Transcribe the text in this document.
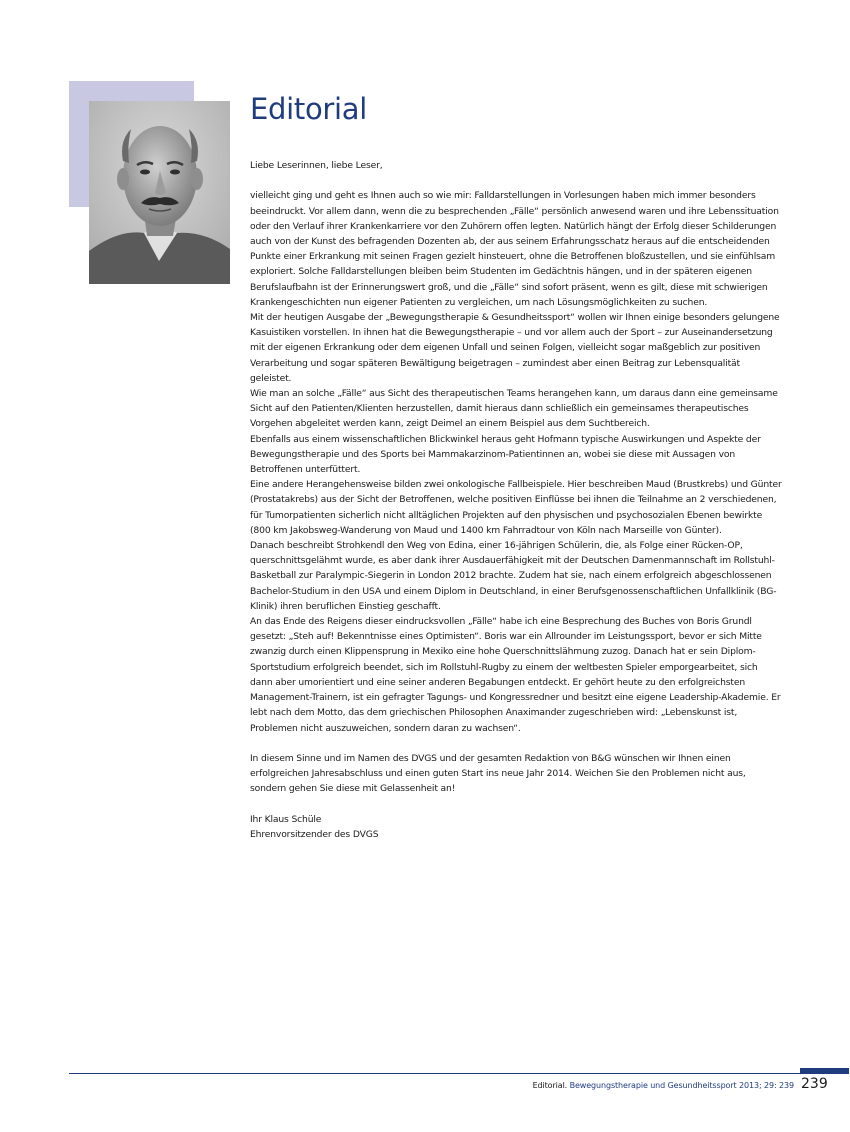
Editorial

Liebe Leserinnen, liebe Leser,

vielleicht ging und geht es Ihnen auch so wie mir: Falldarstellungen in Vorlesungen haben mich immer besonders beeindruckt. Vor allem dann, wenn die zu besprechenden „Fälle“ persönlich anwesend waren und ihre Lebenssituation oder den Verlauf ihrer Krankenkarriere vor den Zuhörern offen legten. Natürlich hängt der Erfolg dieser Schilderungen auch von der Kunst des befragenden Dozenten ab, der aus seinem Erfahrungsschatz heraus auf die entscheidenden Punkte einer Erkrankung mit seinen Fragen gezielt hinsteuert, ohne die Betroffenen bloßzustellen, und sie einfühlsam exploriert. Solche Falldarstellungen bleiben beim Studenten im Gedächtnis hängen, und in der späteren eigenen Berufslaufbahn ist der Erinnerungswert groß, und die „Fälle“ sind sofort präsent, wenn es gilt, diese mit schwierigen Krankengeschichten nun eigener Patienten zu vergleichen, um nach Lösungsmöglichkeiten zu suchen.

Mit der heutigen Ausgabe der „Bewegungstherapie & Gesundheitssport“ wollen wir Ihnen einige besonders gelungene Kasuistiken vorstellen. In ihnen hat die Bewegungstherapie – und vor allem auch der Sport – zur Auseinandersetzung mit der eigenen Erkrankung oder dem eigenen Unfall und seinen Folgen, vielleicht sogar maßgeblich zur positiven Verarbeitung und sogar späteren Bewältigung beigetragen – zumindest aber einen Beitrag zur Lebensqualität geleistet.

Wie man an solche „Fälle“ aus Sicht des therapeutischen Teams herangehen kann, um daraus dann eine gemeinsame Sicht auf den Patienten/Klienten herzustellen, damit hieraus dann schließlich ein gemeinsames therapeutisches Vorgehen abgeleitet werden kann, zeigt Deimel an einem Beispiel aus dem Suchtbereich.

Ebenfalls aus einem wissenschaftlichen Blickwinkel heraus geht Hofmann typische Auswirkungen und Aspekte der Bewegungstherapie und des Sports bei Mammakarzinom-Patientinnen an, wobei sie diese mit Aussagen von Betroffenen unterfüttert.

Eine andere Herangehensweise bilden zwei onkologische Fallbeispiele. Hier beschreiben Maud (Brustkrebs) und Günter (Prostatakrebs) aus der Sicht der Betroffenen, welche positiven Einflüsse bei ihnen die Teilnahme an 2 verschiedenen, für Tumorpatienten sicherlich nicht alltäglichen Projekten auf den physischen und psychosozialen Ebenen bewirkte (800 km Jakobsweg-Wanderung von Maud und 1400 km Fahrradtour von Köln nach Marseille von Günter).

Danach beschreibt Strohkendl den Weg von Edina, einer 16-jährigen Schülerin, die, als Folge einer Rücken-OP, querschnittsgelähmt wurde, es aber dank ihrer Ausdauerfähigkeit mit der Deutschen Damenmannschaft im Rollstuhl-Basketball zur Paralympic-Siegerin in London 2012 brachte. Zudem hat sie, nach einem erfolgreich abgeschlossenen Bachelor-Studium in den USA und einem Diplom in Deutschland, in einer Berufsgenossenschaftlichen Unfallklinik (BG-Klinik) ihren beruflichen Einstieg geschafft.

An das Ende des Reigens dieser eindrucksvollen „Fälle“ habe ich eine Besprechung des Buches von Boris Grundl gesetzt: „Steh auf! Bekenntnisse eines Optimisten“. Boris war ein Allrounder im Leistungssport, bevor er sich Mitte zwanzig durch einen Klippensprung in Mexiko eine hohe Querschnittslähmung zuzog. Danach hat er sein Diplom-Sportstudium erfolgreich beendet, sich im Rollstuhl-Rugby zu einem der weltbesten Spieler emporgearbeitet, sich dann aber umorientiert und eine seiner anderen Begabungen entdeckt. Er gehört heute zu den erfolgreichsten Management-Trainern, ist ein gefragter Tagungs- und Kongressredner und besitzt eine eigene Leadership-Akademie. Er lebt nach dem Motto, das dem griechischen Philosophen Anaximander zugeschrieben wird: „Lebenskunst ist, Problemen nicht auszuweichen, sondern daran zu wachsen“.

In diesem Sinne und im Namen des DVGS und der gesamten Redaktion von B&G wünschen wir Ihnen einen erfolgreichen Jahresabschluss und einen guten Start ins neue Jahr 2014. Weichen Sie den Problemen nicht aus, sondern gehen Sie diese mit Gelassenheit an!

Ihr Klaus Schüle

Ehrenvorsitzender des DVGS

Editorial. Bewegungstherapie und Gesundheitssport 2013; 29: 239 239
